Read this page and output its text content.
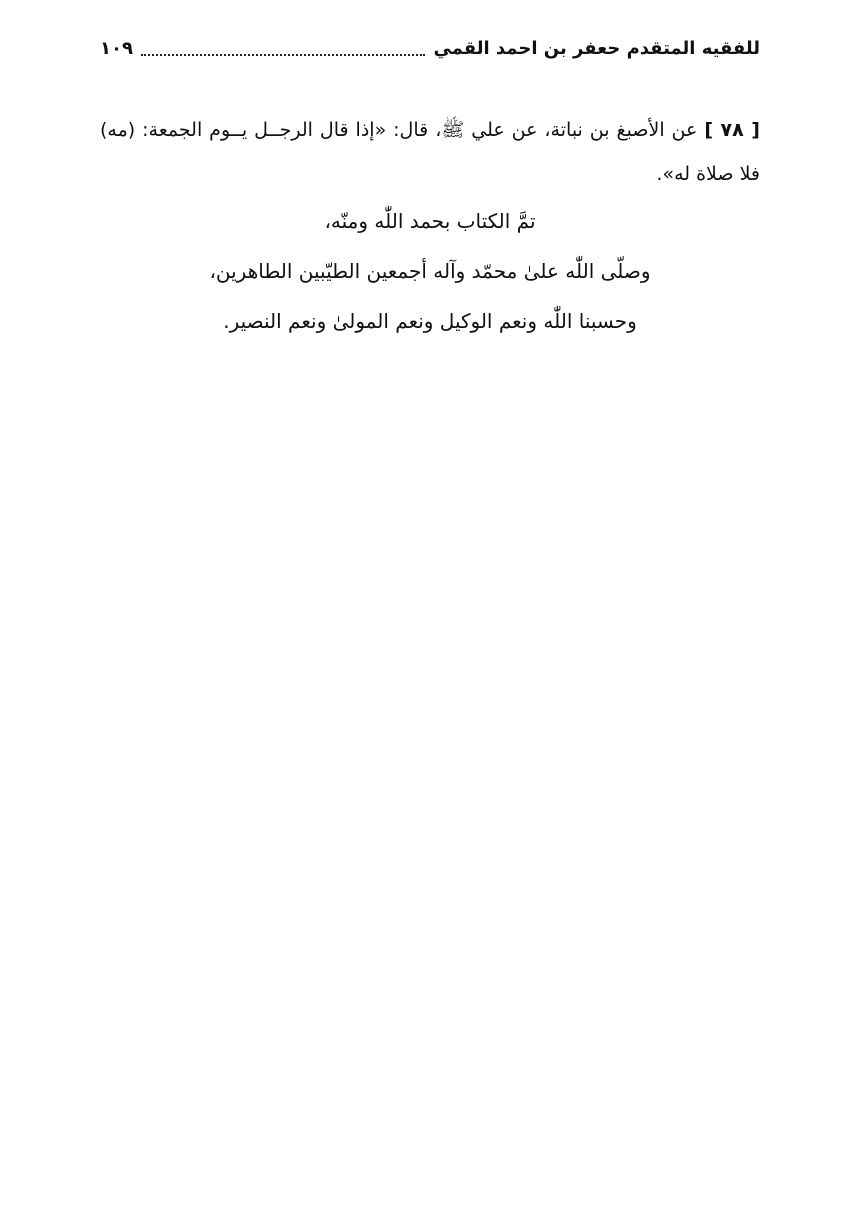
للفقيه المتقدم حعفر بن احمد القمي
١٠٩

[ ٧٨ ] عن الأصبغ بن نباتة، عن علي ﷺ، قال: «إذا قال الرجــل يــوم الجمعة: (مه) فلا صلاة له».

تمَّ الكتاب بحمد اللّٰه ومنّه،
وصلّى اللّٰه علىٰ محمّد وآله أجمعين الطيّبين الطاهرين،
وحسبنا اللّٰه ونعم الوكيل ونعم المولىٰ ونعم النصير.
